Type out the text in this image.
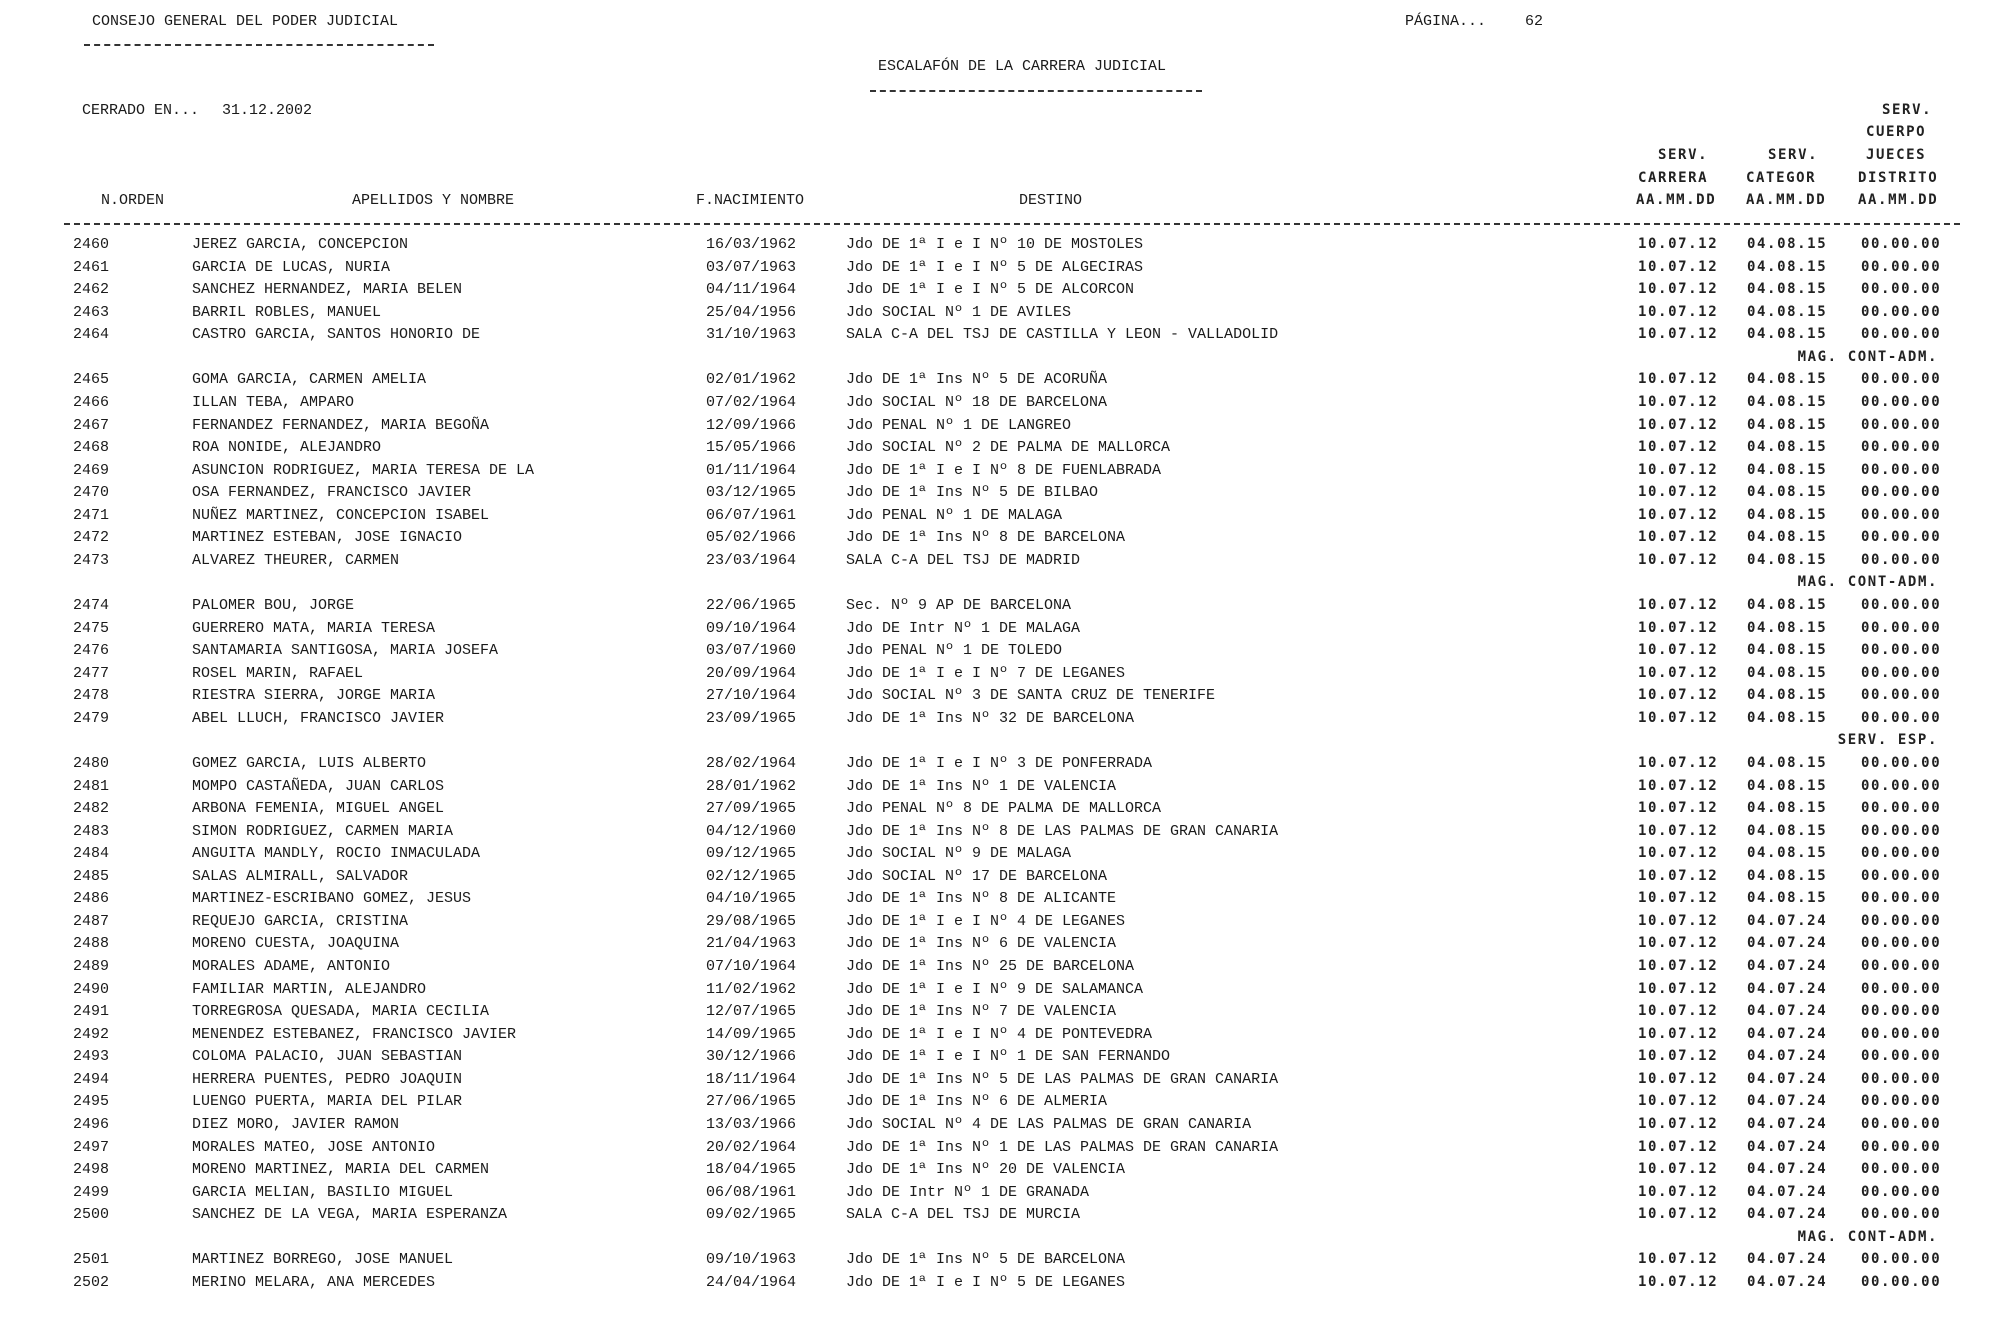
CONSEJO GENERAL DEL PODER JUDICIAL	PÁGINA...	62
ESCALAFÓN DE LA CARRERA JUDICIAL
CERRADO EN... 31.12.2002
N.ORDEN	APELLIDOS Y NOMBRE	F.NACIMIENTO	DESTINO
SERV.
CARRERA
AA.MM.DD
SERV.
CATEGOR
AA.MM.DD
SERV.
CUERPO
JUECES
DISTRITO
AA.MM.DD
2460	JEREZ GARCIA, CONCEPCION	16/03/1962	Jdo DE 1ª I e I Nº 10 DE MOSTOLES	10.07.12 04.08.15 00.00.00
2461	GARCIA DE LUCAS, NURIA	03/07/1963	Jdo DE 1ª I e I Nº 5 DE ALGECIRAS	10.07.12 04.08.15 00.00.00
2462	SANCHEZ HERNANDEZ, MARIA BELEN	04/11/1964	Jdo DE 1ª I e I Nº 5 DE ALCORCON	10.07.12 04.08.15 00.00.00
2463	BARRIL ROBLES, MANUEL	25/04/1956	Jdo SOCIAL Nº 1 DE AVILES	10.07.12 04.08.15 00.00.00
2464	CASTRO GARCIA, SANTOS HONORIO DE	31/10/1963	SALA C-A DEL TSJ DE CASTILLA Y LEON - VALLADOLID	10.07.12 04.08.15 00.00.00
MAG. CONT-ADM.
2465	GOMA GARCIA, CARMEN AMELIA	02/01/1962	Jdo DE 1ª Ins Nº 5 DE ACORUÑA	10.07.12 04.08.15 00.00.00
2466	ILLAN TEBA, AMPARO	07/02/1964	Jdo SOCIAL Nº 18 DE BARCELONA	10.07.12 04.08.15 00.00.00
2467	FERNANDEZ FERNANDEZ, MARIA BEGOÑA	12/09/1966	Jdo PENAL Nº 1 DE LANGREO	10.07.12 04.08.15 00.00.00
2468	ROA NONIDE, ALEJANDRO	15/05/1966	Jdo SOCIAL Nº 2 DE PALMA DE MALLORCA	10.07.12 04.08.15 00.00.00
2469	ASUNCION RODRIGUEZ, MARIA TERESA DE LA	01/11/1964	Jdo DE 1ª I e I Nº 8 DE FUENLABRADA	10.07.12 04.08.15 00.00.00
2470	OSA FERNANDEZ, FRANCISCO JAVIER	03/12/1965	Jdo DE 1ª Ins Nº 5 DE BILBAO	10.07.12 04.08.15 00.00.00
2471	NUÑEZ MARTINEZ, CONCEPCION ISABEL	06/07/1961	Jdo PENAL Nº 1 DE MALAGA	10.07.12 04.08.15 00.00.00
2472	MARTINEZ ESTEBAN, JOSE IGNACIO	05/02/1966	Jdo DE 1ª Ins Nº 8 DE BARCELONA	10.07.12 04.08.15 00.00.00
2473	ALVAREZ THEURER, CARMEN	23/03/1964	SALA C-A DEL TSJ DE MADRID	10.07.12 04.08.15 00.00.00
MAG. CONT-ADM.
2474	PALOMER BOU, JORGE	22/06/1965	Sec. Nº 9 AP DE BARCELONA	10.07.12 04.08.15 00.00.00
2475	GUERRERO MATA, MARIA TERESA	09/10/1964	Jdo DE Intr Nº 1 DE MALAGA	10.07.12 04.08.15 00.00.00
2476	SANTAMARIA SANTIGOSA, MARIA JOSEFA	03/07/1960	Jdo PENAL Nº 1 DE TOLEDO	10.07.12 04.08.15 00.00.00
2477	ROSEL MARIN, RAFAEL	20/09/1964	Jdo DE 1ª I e I Nº 7 DE LEGANES	10.07.12 04.08.15 00.00.00
2478	RIESTRA SIERRA, JORGE MARIA	27/10/1964	Jdo SOCIAL Nº 3 DE SANTA CRUZ DE TENERIFE	10.07.12 04.08.15 00.00.00
2479	ABEL LLUCH, FRANCISCO JAVIER	23/09/1965	Jdo DE 1ª Ins Nº 32 DE BARCELONA	10.07.12 04.08.15 00.00.00
SERV. ESP.
2480	GOMEZ GARCIA, LUIS ALBERTO	28/02/1964	Jdo DE 1ª I e I Nº 3 DE PONFERRADA	10.07.12 04.08.15 00.00.00
2481	MOMPO CASTAÑEDA, JUAN CARLOS	28/01/1962	Jdo DE 1ª Ins Nº 1 DE VALENCIA	10.07.12 04.08.15 00.00.00
2482	ARBONA FEMENIA, MIGUEL ANGEL	27/09/1965	Jdo PENAL Nº 8 DE PALMA DE MALLORCA	10.07.12 04.08.15 00.00.00
2483	SIMON RODRIGUEZ, CARMEN MARIA	04/12/1960	Jdo DE 1ª Ins Nº 8 DE LAS PALMAS DE GRAN CANARIA	10.07.12 04.08.15 00.00.00
2484	ANGUITA MANDLY, ROCIO INMACULADA	09/12/1965	Jdo SOCIAL Nº 9 DE MALAGA	10.07.12 04.08.15 00.00.00
2485	SALAS ALMIRALL, SALVADOR	02/12/1965	Jdo SOCIAL Nº 17 DE BARCELONA	10.07.12 04.08.15 00.00.00
2486	MARTINEZ-ESCRIBANO GOMEZ, JESUS	04/10/1965	Jdo DE 1ª Ins Nº 8 DE ALICANTE	10.07.12 04.08.15 00.00.00
2487	REQUEJO GARCIA, CRISTINA	29/08/1965	Jdo DE 1ª I e I Nº 4 DE LEGANES	10.07.12 04.07.24 00.00.00
2488	MORENO CUESTA, JOAQUINA	21/04/1963	Jdo DE 1ª Ins Nº 6 DE VALENCIA	10.07.12 04.07.24 00.00.00
2489	MORALES ADAME, ANTONIO	07/10/1964	Jdo DE 1ª Ins Nº 25 DE BARCELONA	10.07.12 04.07.24 00.00.00
2490	FAMILIAR MARTIN, ALEJANDRO	11/02/1962	Jdo DE 1ª I e I Nº 9 DE SALAMANCA	10.07.12 04.07.24 00.00.00
2491	TORREGROSA QUESADA, MARIA CECILIA	12/07/1965	Jdo DE 1ª Ins Nº 7 DE VALENCIA	10.07.12 04.07.24 00.00.00
2492	MENENDEZ ESTEBANEZ, FRANCISCO JAVIER	14/09/1965	Jdo DE 1ª I e I Nº 4 DE PONTEVEDRA	10.07.12 04.07.24 00.00.00
2493	COLOMA PALACIO, JUAN SEBASTIAN	30/12/1966	Jdo DE 1ª I e I Nº 1 DE SAN FERNANDO	10.07.12 04.07.24 00.00.00
2494	HERRERA PUENTES, PEDRO JOAQUIN	18/11/1964	Jdo DE 1ª Ins Nº 5 DE LAS PALMAS DE GRAN CANARIA	10.07.12 04.07.24 00.00.00
2495	LUENGO PUERTA, MARIA DEL PILAR	27/06/1965	Jdo DE 1ª Ins Nº 6 DE ALMERIA	10.07.12 04.07.24 00.00.00
2496	DIEZ MORO, JAVIER RAMON	13/03/1966	Jdo SOCIAL Nº 4 DE LAS PALMAS DE GRAN CANARIA	10.07.12 04.07.24 00.00.00
2497	MORALES MATEO, JOSE ANTONIO	20/02/1964	Jdo DE 1ª Ins Nº 1 DE LAS PALMAS DE GRAN CANARIA	10.07.12 04.07.24 00.00.00
2498	MORENO MARTINEZ, MARIA DEL CARMEN	18/04/1965	Jdo DE 1ª Ins Nº 20 DE VALENCIA	10.07.12 04.07.24 00.00.00
2499	GARCIA MELIAN, BASILIO MIGUEL	06/08/1961	Jdo DE Intr Nº 1 DE GRANADA	10.07.12 04.07.24 00.00.00
2500	SANCHEZ DE LA VEGA, MARIA ESPERANZA	09/02/1965	SALA C-A DEL TSJ DE MURCIA	10.07.12 04.07.24 00.00.00
MAG. CONT-ADM.
2501	MARTINEZ BORREGO, JOSE MANUEL	09/10/1963	Jdo DE 1ª Ins Nº 5 DE BARCELONA	10.07.12 04.07.24 00.00.00
2502	MERINO MELARA, ANA MERCEDES	24/04/1964	Jdo DE 1ª I e I Nº 5 DE LEGANES	10.07.12 04.07.24 00.00.00
